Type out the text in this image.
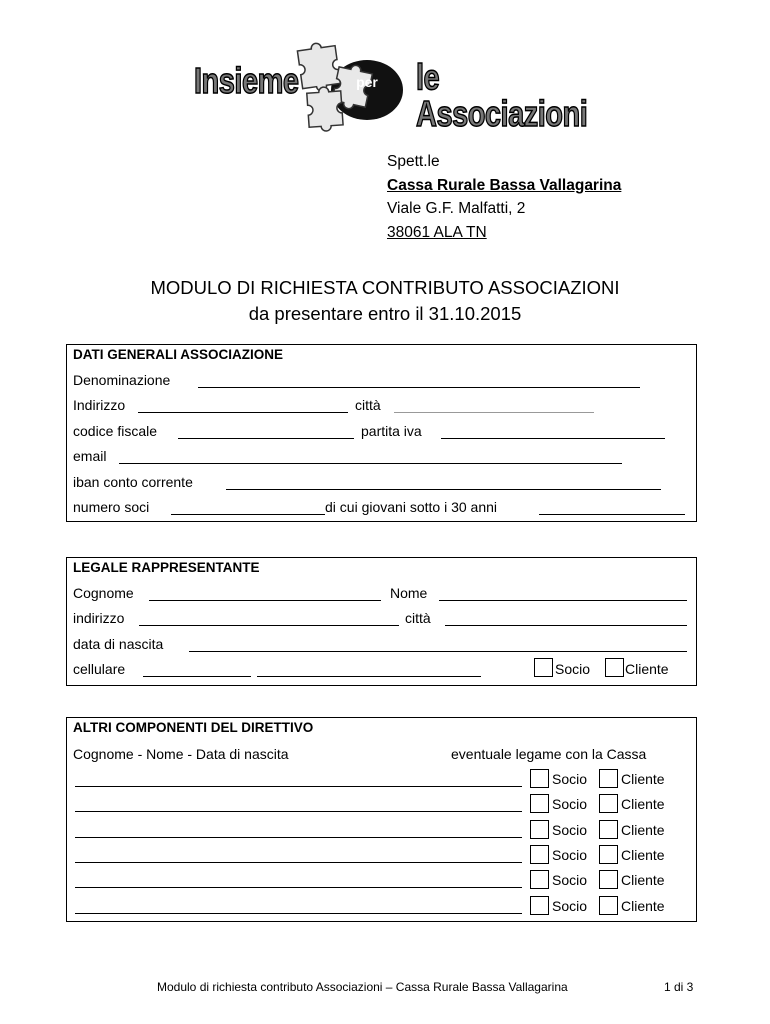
Insieme	per le Associazioni
Spett.le
Cassa Rurale Bassa Vallagarina
Viale G.F. Malfatti, 2
38061 ALA TN
MODULO DI RICHIESTA CONTRIBUTO ASSOCIAZIONI
da presentare entro il 31.10.2015
DATI GENERALI ASSOCIAZIONE
Denominazione
Indirizzo	città
codice fiscale	partita iva
email
iban conto corrente
numero soci	di cui giovani sotto i 30 anni
LEGALE RAPPRESENTANTE
Cognome	Nome
indirizzo	città
data di nascita
cellulare	Socio Cliente
ALTRI COMPONENTI DEL DIRETTIVO
Cognome - Nome - Data di nascita	eventuale legame con la Cassa
Socio Cliente
Socio Cliente
Socio Cliente
Socio Cliente
Socio Cliente
Socio Cliente
Modulo di richiesta contributo Associazioni – Cassa Rurale Bassa Vallagarina	1 di 3
